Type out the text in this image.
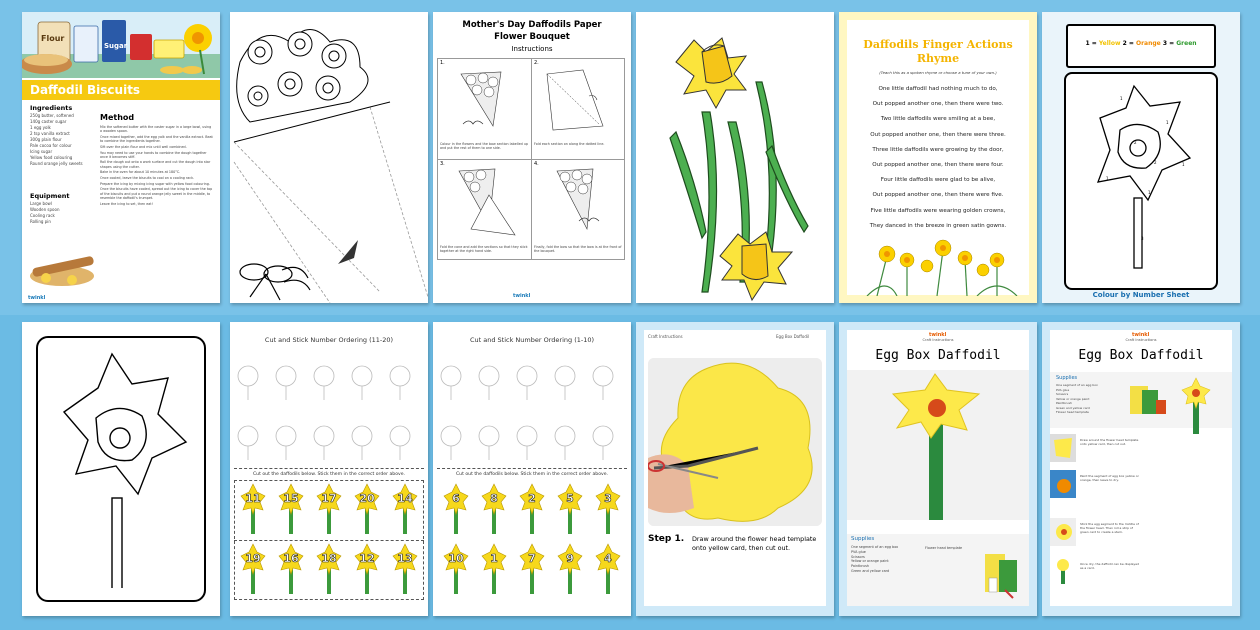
Flour
Sugar
Daffodil Biscuits
Ingredients
250g butter, softened
140g caster sugar
1 egg yolk
2 tsp vanilla extract
300g plain flour
Pale cocoa for colour
Icing sugar
Yellow food colouring
Round orange jelly sweets
Equipment
Large bowl
Wooden spoon
Cooling rack
Rolling pin
Method
Mix the softened butter with the caster sugar in a large bowl, using a wooden spoon.
Once mixed together, add the egg yolk and the vanilla extract. Beat to combine the ingredients together.
Sift over the plain flour and mix until well combined.
You may need to use your hands to combine the dough together once it becomes stiff.
Roll the dough out onto a work surface and cut the dough into star shapes using the cutter.
Bake in the oven for about 10 minutes at 180°C.
Once cooled, leave the biscuits to cool on a cooling rack.
Prepare the icing by mixing icing sugar with yellow food colouring.
Once the biscuits have cooled, spread out the icing to cover the top of the biscuits and put a round orange jelly sweet in the middle, to resemble the daffodil's trumpet.
Leave the icing to set, then eat!
twinkl
Mother's Day Daffodils Paper
Flower Bouquet
Instructions
1.
Colour in the flowers and the bow section labelled up and put the rest of them to one side.
2.
Fold each section on along the dotted line.
3.
Fold the cone and add the sections so that they stick together at the right hand side.
4.
Finally, fold the bow so that the bow is at the front of the bouquet.
twinkl
Daffodils Finger Actions
Rhyme
(Teach this as a spoken rhyme or choose a tune of your own.)
One little daffodil had nothing much to do,
Out popped another one, then there were two.
Two little daffodils were smiling at a bee,
Out popped another one, then there were three.
Three little daffodils were growing by the door,
Out popped another one, then there were four.
Four little daffodils were glad to be alive,
Out popped another one, then there were five.
Five little daffodils were wearing golden crowns,
They danced in the breeze in green satin gowns.
1 = Yellow 2 = Orange 3 = Green
1
1
1
1
1
2
2
3
Colour by Number Sheet
Cut and Stick Number Ordering (11-20)
Cut out the daffodils below. Stick them in the correct order above.
11	15	17	20	14
19	16	18	12	13
Cut and Stick Number Ordering (1-10)
Cut out the daffodils below. Stick them in the correct order above.
6	8	2	5	3
10	1	7	9	4
Craft Instructions	Egg Box Daffodil
Step 1. Draw around the flower head template onto yellow card, then cut out.
twinkl
Craft Instructions
Egg Box Daffodil
Supplies
One segment of an egg box
PVA glue
Scissors
Yellow or orange paint
Paintbrush
Green and yellow card
Flower head template
twinkl
Craft Instructions
Egg Box Daffodil
Supplies
One segment of an egg box
PVA glue
Scissors
Yellow or orange paint
Paintbrush
Green and yellow card
Flower head template
Draw around the flower head template onto yellow card, then cut out.
Paint the segment of egg box yellow or orange, then leave to dry.
Stick the egg segment to the middle of the flower head. Then roll a strip of green card to create a stem.
Once dry, the daffodil can be displayed as a card.
